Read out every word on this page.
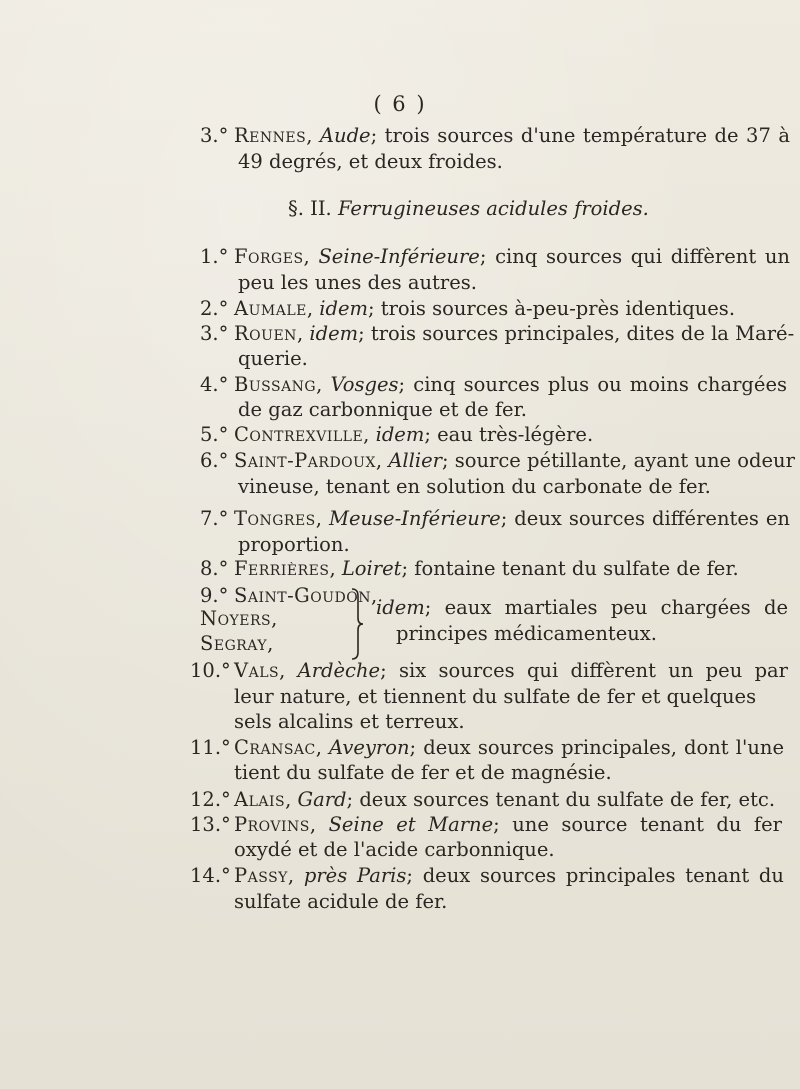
( 6 )
3.° Rennes, Aude; trois sources d'une température de 37 à
49 degrés, et deux froides.
§. II. Ferrugineuses acidules froides.
1.° Forges, Seine-Inférieure; cinq sources qui diffèrent un
peu les unes des autres.
2.° Aumale, idem; trois sources à-peu-près identiques.
3.° Rouen, idem; trois sources principales, dites de la Maré-
querie.
4.° Bussang, Vosges; cinq sources plus ou moins chargées
de gaz carbonnique et de fer.
5.° Contrexville, idem; eau très-légère.
6.° Saint-Pardoux, Allier; source pétillante, ayant une odeur
vineuse, tenant en solution du carbonate de fer.
7.° Tongres, Meuse-Inférieure; deux sources différentes en
proportion.
8.° Ferrières, Loiret; fontaine tenant du sulfate de fer.
9.° Saint-Goudon,
Noyers,
Segray,
idem; eaux martiales peu chargées de
principes médicamenteux.
10.° Vals, Ardèche; six sources qui diffèrent un peu par
leur nature, et tiennent du sulfate de fer et quelques
sels alcalins et terreux.
11.° Cransac, Aveyron; deux sources principales, dont l'une
tient du sulfate de fer et de magnésie.
12.° Alais, Gard; deux sources tenant du sulfate de fer, etc.
13.° Provins, Seine et Marne; une source tenant du fer
oxydé et de l'acide carbonnique.
14.° Passy, près Paris; deux sources principales tenant du
sulfate acidule de fer.
